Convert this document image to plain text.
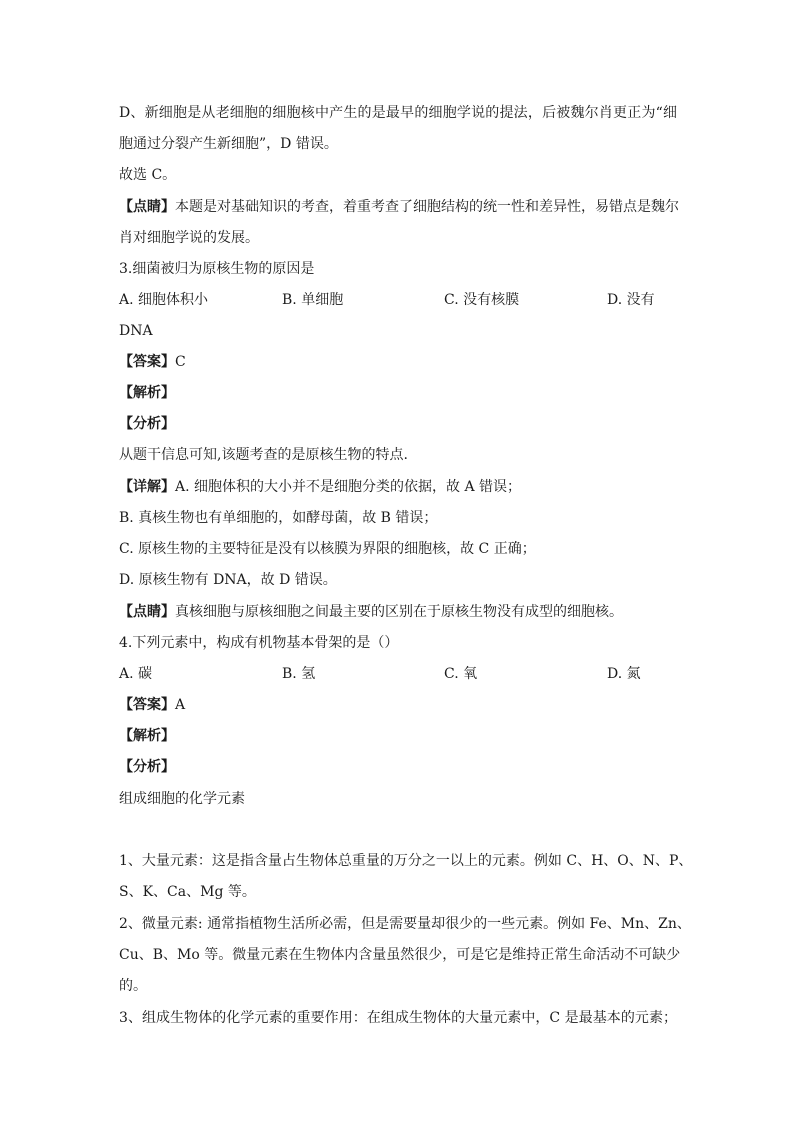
D、新细胞是从老细胞的细胞核中产生的是最早的细胞学说的提法，后被魏尔肖更正为“细
胞通过分裂产生新细胞”，D 错误。
故选 C。
【点睛】本题是对基础知识的考查，着重考查了细胞结构的统一性和差异性，易错点是魏尔
肖对细胞学说的发展。
3.细菌被归为原核生物的原因是
A. 细胞体积小	B. 单细胞	C. 没有核膜	D. 没有
DNA
【答案】C
【解析】
【分析】
从题干信息可知,该题考查的是原核生物的特点.
【详解】A. 细胞体积的大小并不是细胞分类的依据，故 A 错误；
B. 真核生物也有单细胞的，如酵母菌，故 B 错误；
C. 原核生物的主要特征是没有以核膜为界限的细胞核，故 C 正确；
D. 原核生物有 DNA，故 D 错误。
【点睛】真核细胞与原核细胞之间最主要的区别在于原核生物没有成型的细胞核。
4.下列元素中，构成有机物基本骨架的是（）
A. 碳	B. 氢	C. 氧	D. 氮
【答案】A
【解析】
【分析】
组成细胞的化学元素
1、大量元素：这是指含量占生物体总重量的万分之一以上的元素。例如 C、H、O、N、P、
S、K、Ca、Mg 等。
2、微量元素: 通常指植物生活所必需，但是需要量却很少的一些元素。例如 Fe、Mn、Zn、
Cu、B、Mo 等。微量元素在生物体内含量虽然很少，可是它是维持正常生命活动不可缺少
的。
3、组成生物体的化学元素的重要作用：在组成生物体的大量元素中，C 是最基本的元素；
